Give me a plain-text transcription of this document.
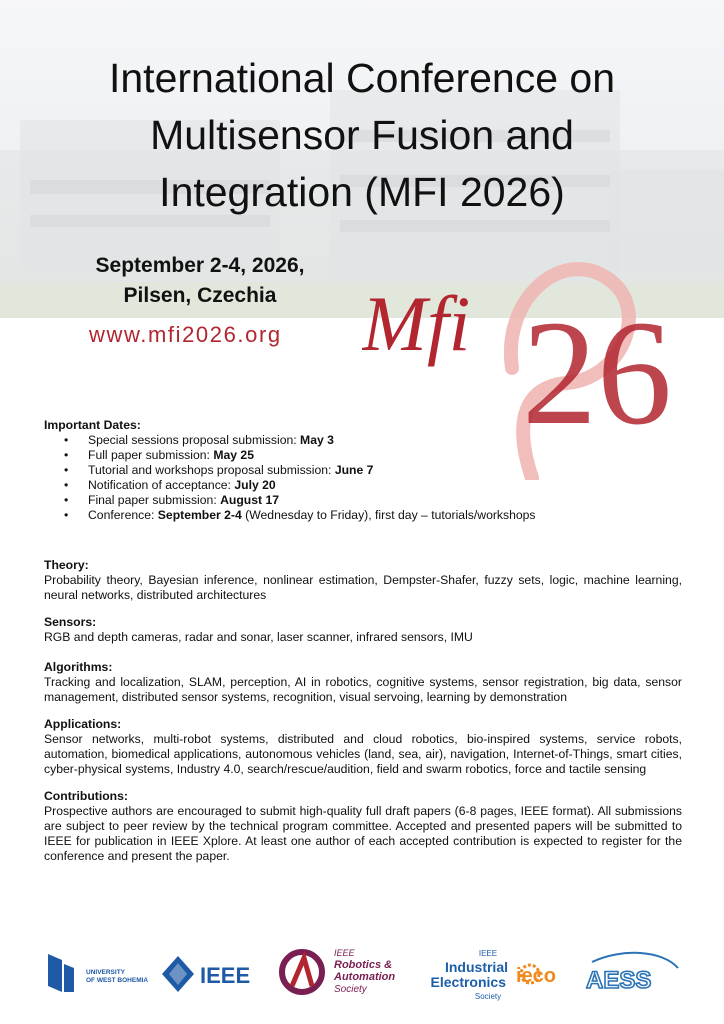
International Conference on
Multisensor Fusion and
Integration (MFI 2026)
September 2-4, 2026,
Pilsen, Czechia
www.mfi2026.org 26
Mfi

Important Dates:

• Special sessions proposal submission: May 3
• Full paper submission: May 25
• Tutorial and workshops proposal submission: June 7
• Notification of acceptance: July 20
• Final paper submission: August 17
• Conference: September 2-4 (Wednesday to Friday), first day – tutorials/workshops

Theory:

Probability theory, Bayesian inference, nonlinear estimation, Dempster-Shafer, fuzzy sets, logic, machine learning, neural networks, distributed architectures

Sensors:

RGB and depth cameras, radar and sonar, laser scanner, infrared sensors, IMU

Algorithms:

Tracking and localization, SLAM, perception, AI in robotics, cognitive systems, sensor registration, big data, sensor management, distributed sensor systems, recognition, visual servoing, learning by demonstration

Applications:

Sensor networks, multi-robot systems, distributed and cloud robotics, bio-inspired systems, service robots, automation, biomedical applications, autonomous vehicles (land, sea, air), navigation, Internet-of-Things, smart cities, cyber-physical systems, Industry 4.0, search/rescue/audition, field and swarm robotics, force and tactile sensing

Contributions:

Prospective authors are encouraged to submit high-quality full draft papers (6-8 pages, IEEE format). All submissions are subject to peer review by the technical program committee. Accepted and presented papers will be submitted to IEEE for publication in IEEE Xplore. At least one author of each accepted contribution is expected to register for the conference and present the paper.

UNIVERSITY
OF WEST BOHEMIA IEEE
IEEE
Robotics &
Automation
Society
IEEE
Industrial
Electronics
Society
ieco AESS
